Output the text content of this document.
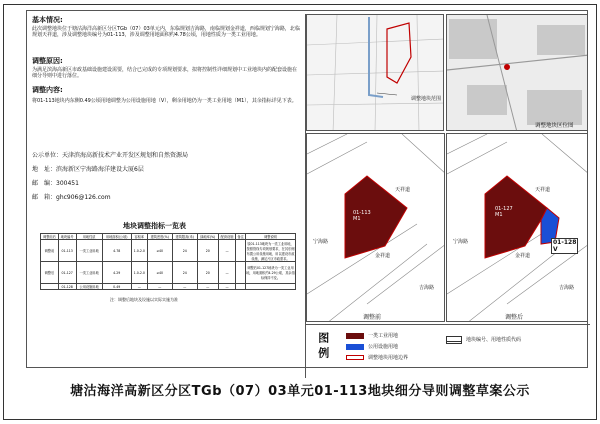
基本情况:
此次调整地块位于塘沽海洋高新区分区TGb（07）03单元内，东临规划吉海路，南临规划金祥道，西临规划宁海路，北临规划天祥道，涉及调整地块编号为01-113，涉及调整用地面积约4.78公顷，用地性质为一类工业用地。
调整原因:
为满足滨海高新区市政基础设施建设需要，结合已完成的专项规划要求，拟将控制性详细规划中工业地块内的配套设施在细分导则中进行落位。
调整内容:
将01-113地块内东侧0.49公顷用地调整为公用设施用地（V），剩余用地仍为一类工业用地（M1），其余指标详见下表。
公示单位：天津滨海高新技术产业开发区规划和自然资源局
地　址：滨海新区宁海路海洋建设大厦6层
邮　编：300451
邮　箱：ghc906@126.com
地块调整指标一览表
调整前后	地块编号	用地性质	用地面积(公顷)	容积率	建筑密度(%)	建筑限高(米)	绿地率(%)	配套设施	备注	调整说明
调整前	01-113	一类工业用地	4.78	1.0-2.0	≥40	24	20	—		原01-113地块为一类工业用地，按照管线专项规划要求，在其东侧布置公用设施用地，用以建设市政设施，满足片区市政需求。
调整后	01-127	一类工业用地	4.29	1.0-2.0	≥40	24	20	—		调整后01-127地块为一类工业用地，用地面积约4.29公顷，其余指标保持不变。
	01-128	公用设施用地	0.49	—	—	—	—	—		
注：调整后地块及设施以实际实施为准
调整地块范围
调整地块区位图
01-113
M1
天祥道
金祥道
宁海路
吉海路
调整前
01-127
M1
01-128
V
天祥道
金祥道
宁海路
吉海路
调整后
图例	一类工业用地
公用设施用地
调整地块用地边界
地块编号、用地性质代码
塘沽海洋高新区分区TGb（07）03单元01-113地块细分导则调整草案公示
